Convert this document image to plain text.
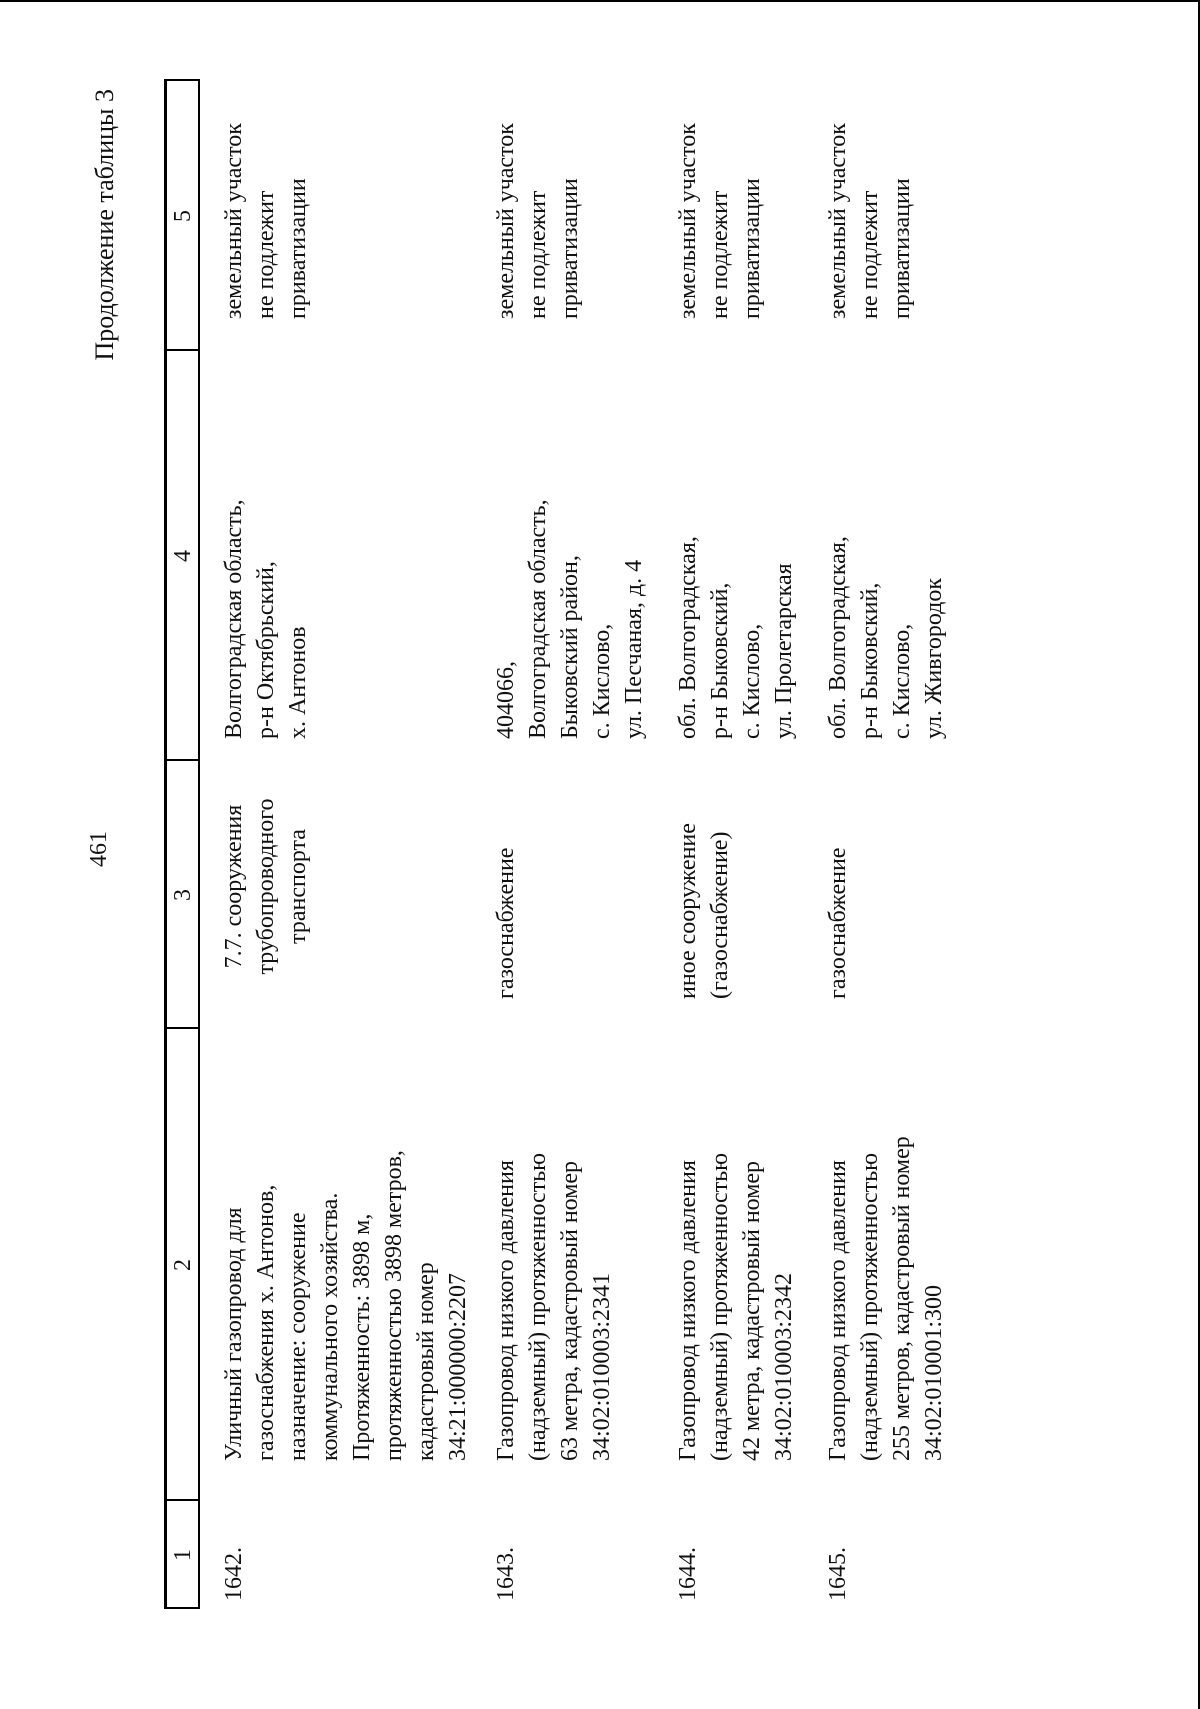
461
Продолжение таблицы 3
1
2
3
4
5
1642.
Уличный газопровод для
газоснабжения х. Антонов,
назначение: сооружение
коммунального хозяйства.
Протяженность: 3898 м,
протяженностью 3898 метров,
кадастровый номер
34:21:000000:2207
7.7. сооружения
трубопроводного
транспорта
Волгоградская область,
р-н Октябрьский,
х. Антонов
земельный участок
не подлежит приватизации
1643.
Газопровод низкого давления
(надземный) протяженностью
63 метра, кадастровый номер
34:02:010003:2341
газоснабжение
404066,
Волгоградская область,
Быковский район,
с. Кислово,
ул. Песчаная, д. 4
земельный участок
не подлежит приватизации
1644.
Газопровод низкого давления
(надземный) протяженностью
42 метра, кадастровый номер
34:02:010003:2342
иное сооружение
(газоснабжение)
обл. Волгоградская,
р-н Быковский,
с. Кислово,
ул. Пролетарская
земельный участок
не подлежит приватизации
1645.
Газопровод низкого давления
(надземный) протяженностью
255 метров, кадастровый номер
34:02:010001:300
газоснабжение
обл. Волгоградская,
р-н Быковский,
с. Кислово,
ул. Живгородок
земельный участок
не подлежит приватизации
